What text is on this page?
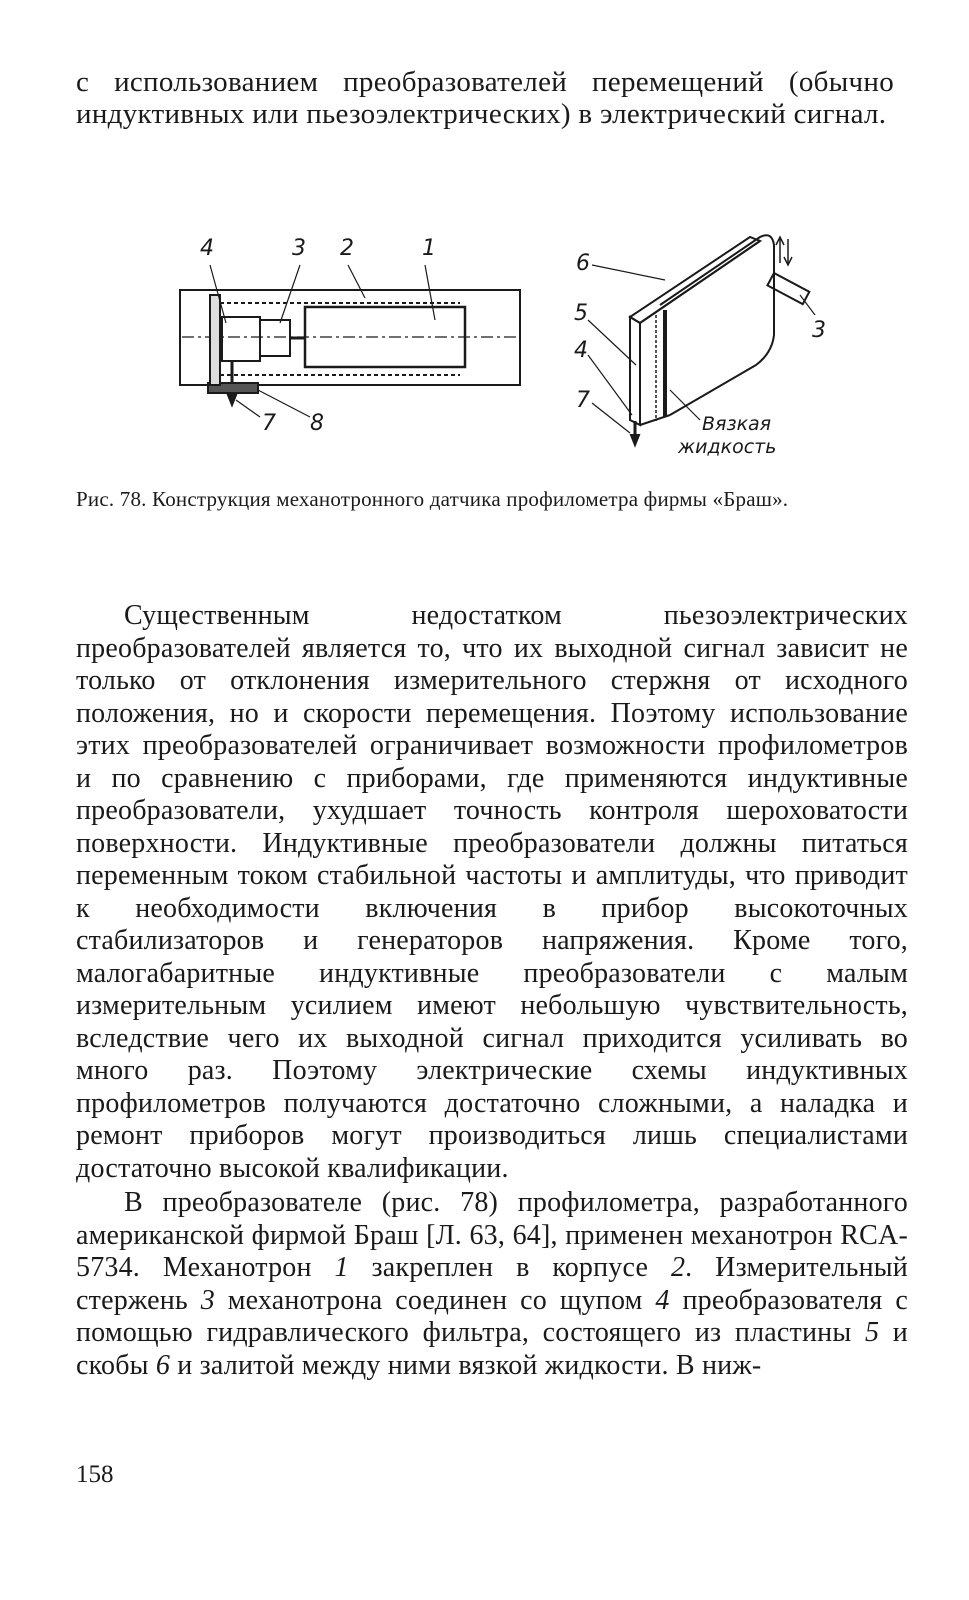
с использованием преобразователей перемещений (обычно индуктивных или пьезоэлектрических) в электрический сигнал.

4	3 2	1
7 8
6
5
4
7
3
Вязкая
жидкость
Рис. 78. Конструкция механотронного датчика профилометра фирмы «Браш».

Существенным недостатком пьезоэлектрических преобразователей является то, что их выходной сигнал зависит не только от отклонения измерительного стержня от исходного положения, но и скорости перемещения. Поэтому использование этих преобразователей ограничивает возможности профилометров и по сравнению с приборами, где применяются индуктивные преобразователи, ухудшает точность контроля шероховатости поверхности. Индуктивные преобразователи должны питаться переменным током стабильной частоты и амплитуды, что приводит к необходимости включения в прибор высокоточных стабилизаторов и генераторов напряжения. Кроме того, малогабаритные индуктивные преобразователи с малым измерительным усилием имеют небольшую чувствительность, вследствие чего их выходной сигнал приходится усиливать во много раз. Поэтому электрические схемы индуктивных профилометров получаются достаточно сложными, а наладка и ремонт приборов могут производиться лишь специалистами достаточно высокой квалификации.

В преобразователе (рис. 78) профилометра, разработанного американской фирмой Браш [Л. 63, 64], применен механотрон RCA-5734. Механотрон 1 закреплен в корпусе 2. Измерительный стержень 3 механотрона соединен со щупом 4 преобразователя с помощью гидравлического фильтра, состоящего из пластины 5 и скобы 6 и залитой между ними вязкой жидкости. В ниж-

158
